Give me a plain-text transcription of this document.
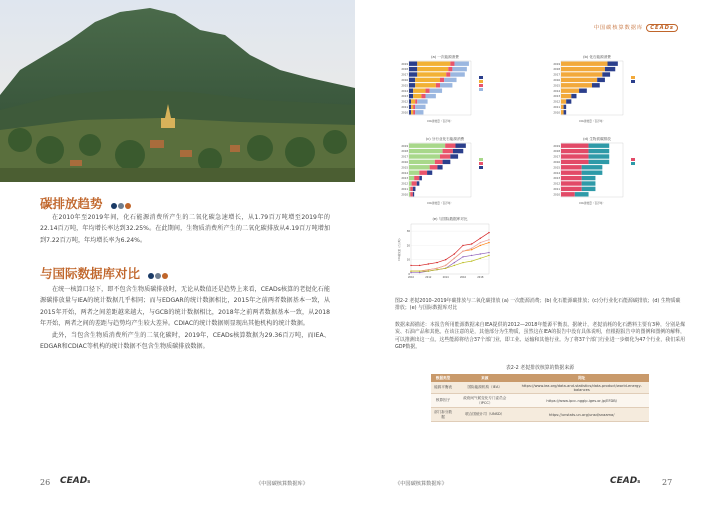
碳排放趋势

在2010年至2019年间，化石能源消费所产生的二氧化碳急速增长，从1.79百万吨增至2019年的22.14百万吨，年均增长率达到32.25%。在此期间，生物质消费所产生的二氧化碳排放从4.19百万吨增加到7.22百万吨，年均增长率为6.24%。

与国际数据库对比

在统一核算口径下，即不包含生物质碳排放时，无论从数值还是趋势上来看，CEADs核算的老挝化石能源碳排放量与IEA的统计数据几乎相同；而与EDGAR的统计数据相比，2015年之前两者数据基本一致，从2015年开始，两者之间差距越来越大，与GCB的统计数据相比，2018年之前两者数据基本一致，从2018年开始，两者之间的差距与趋势均产生较大差异。CDIAC的统计数据则显现出其他机构的统计数据。

此外，当包含生物质消费所产生的二氧化碳时，2019年，CEADs核算数据为29.36百万吨，而IEA、EDGAR和CDIAC等机构的统计数据不包含生物质碳排放数据。

26 CEADs	《中国碳核算数据库》
中国碳核算数据库 CEADs
(a) 一次能源消费
2019
2018
2017
2016
2015
2014
2013
2012
2011
2010
CO₂排放量（百万吨）
(b) 化石能源消费
2019
2018
2017
2016
2015
2014
2013
2012
2011
2010
CO₂排放量（百万吨）
(c) 分行业化石能源消费
2019
2018
2017
2016
2015
2014
2013
2012
2011
2010
CO₂排放量（百万吨）
(d) 生物质碳排放
2019
2018
2017
2016
2015
2014
2013
2012
2011
2010
CO₂排放量（百万吨）
(e) 与国际数据库对比
0
10
20
30
2010	2012	2014	2016	2018
CO₂排放量（百万吨）
图2-2 老挝2010–2019年碳排放与二氧化碳排放 (a) 一次能源消费；(b) 化石能源碳排放；(c)分行业化石能源碳排放；(d) 生物质碳排放；(e) 与国际数据库对比
数据来源描述：本报告所用能源数据来自IEA提供的2012—2018年能源平衡表。据统计，老挝消耗的化石燃料主要有3种，分别是煤炭、石油产品和其他。在该注意的是，其他部分为生物质，虽然这在IEA的报告中没有具体说明，但根据报告中的图例和图例的解释，可以推测出这一点。这些能源将结合37个部门业，即工业、运输和其他行业。为了将37个部门行业进一步细化为47个行业，我们采用GDP数据。
表2-2 老挝排放核算的数据来源
数据类型	来源	网址
能源平衡表	国际能源机构（IEA）	https://www.iea.org/data-and-statistics/data-product/world-energy-balances
核算因子	政府间气候变化专门委员会（IPCC）	https://www.ipcc-nggip.iges.or.jp/EFDB/
部门拆分数据	联合国统计司（UNSD）	https://unstats.un.org/unsd/snaama/
《中国碳核算数据库》	CEADs	27
